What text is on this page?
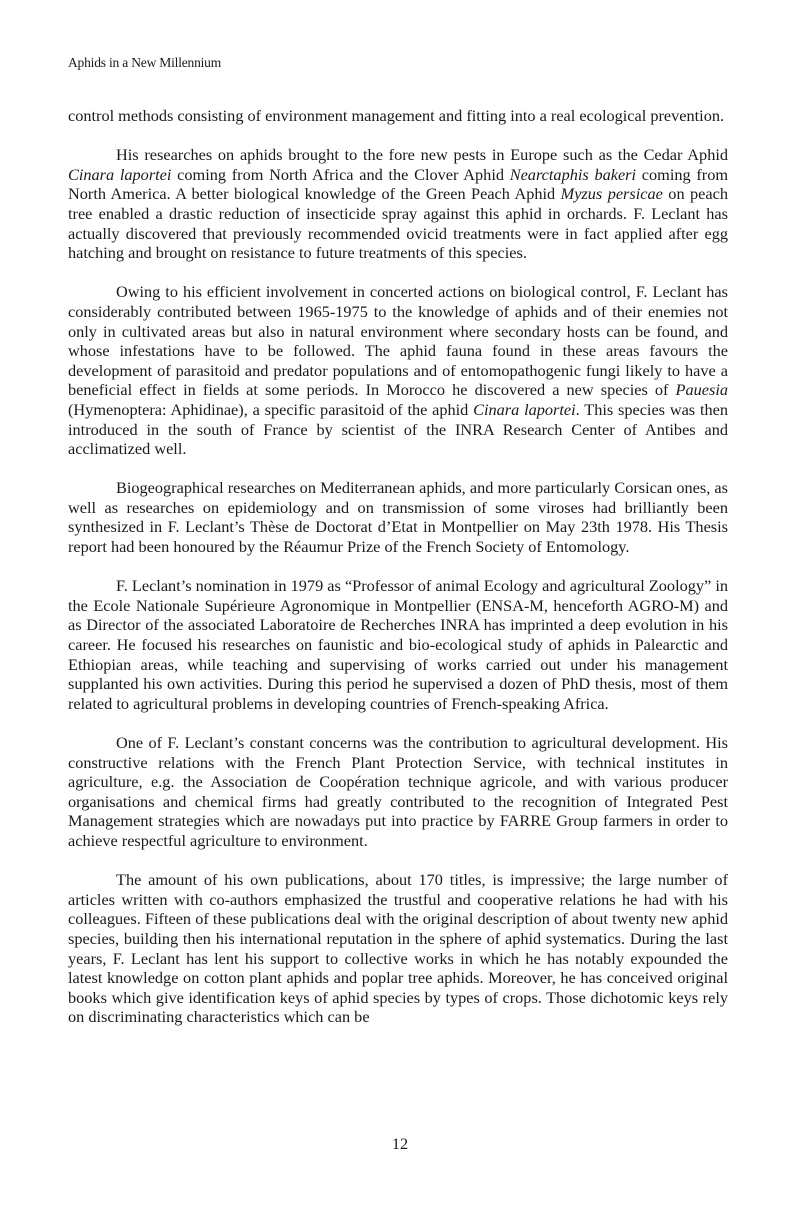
Aphids in a New Millennium

control methods consisting of environment management and fitting into a real ecological prevention.

His researches on aphids brought to the fore new pests in Europe such as the Cedar Aphid Cinara laportei coming from North Africa and the Clover Aphid Nearctaphis bakeri coming from North America. A better biological knowledge of the Green Peach Aphid Myzus persicae on peach tree enabled a drastic reduction of insecticide spray against this aphid in orchards. F. Leclant has actually discovered that previously recommended ovicid treatments were in fact applied after egg hatching and brought on resistance to future treatments of this species.

Owing to his efficient involvement in concerted actions on biological control, F. Leclant has considerably contributed between 1965-1975 to the knowledge of aphids and of their enemies not only in cultivated areas but also in natural environment where secondary hosts can be found, and whose infestations have to be followed. The aphid fauna found in these areas favours the development of parasitoid and predator populations and of entomopathogenic fungi likely to have a beneficial effect in fields at some periods. In Morocco he discovered a new species of Pauesia (Hymenoptera: Aphidinae), a specific parasitoid of the aphid Cinara laportei. This species was then introduced in the south of France by scientist of the INRA Research Center of Antibes and acclimatized well.

Biogeographical researches on Mediterranean aphids, and more particularly Corsican ones, as well as researches on epidemiology and on transmission of some viroses had brilliantly been synthesized in F. Leclant’s Thèse de Doctorat d’Etat in Montpellier on May 23th 1978. His Thesis report had been honoured by the Réaumur Prize of the French Society of Entomology.

F. Leclant’s nomination in 1979 as “Professor of animal Ecology and agricultural Zoology” in the Ecole Nationale Supérieure Agronomique in Montpellier (ENSA-M, henceforth AGRO-M) and as Director of the associated Laboratoire de Recherches INRA has imprinted a deep evolution in his career. He focused his researches on faunistic and bio-ecological study of aphids in Palearctic and Ethiopian areas, while teaching and supervising of works carried out under his management supplanted his own activities. During this period he supervised a dozen of PhD thesis, most of them related to agricultural problems in developing countries of French-speaking Africa.

One of F. Leclant’s constant concerns was the contribution to agricultural development. His constructive relations with the French Plant Protection Service, with technical institutes in agriculture, e.g. the Association de Coopération technique agricole, and with various producer organisations and chemical firms had greatly contributed to the recognition of Integrated Pest Management strategies which are nowadays put into practice by FARRE Group farmers in order to achieve respectful agriculture to environment.

The amount of his own publications, about 170 titles, is impressive; the large number of articles written with co-authors emphasized the trustful and cooperative relations he had with his colleagues. Fifteen of these publications deal with the original description of about twenty new aphid species, building then his international reputation in the sphere of aphid systematics. During the last years, F. Leclant has lent his support to collective works in which he has notably expounded the latest knowledge on cotton plant aphids and poplar tree aphids. Moreover, he has conceived original books which give identification keys of aphid species by types of crops. Those dichotomic keys rely on discriminating characteristics which can be

12
